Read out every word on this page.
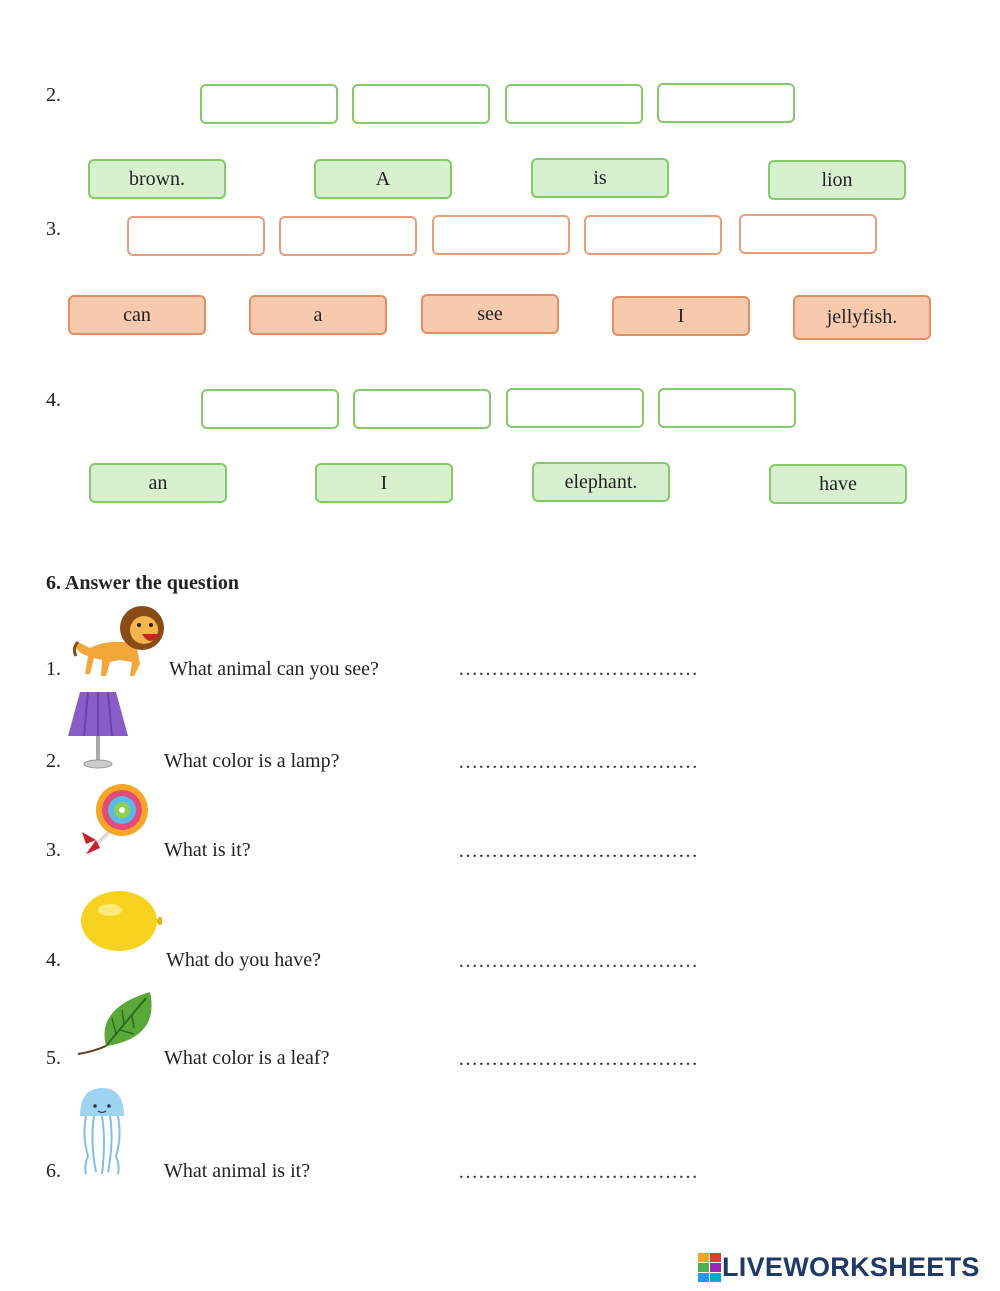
2.
brown.	A	is	lion
3.
can	a	see	I	jellyfish.
4.
an	I	elephant.	have
6. Answer the question
1.	What animal can you see?	………………………………
2.	What color is a lamp?	………………………………
3.	What is it?	………………………………
4.	What do you have?	………………………………
5.	What color is a leaf?	………………………………
6.	What animal is it?	………………………………
LIVEWORKSHEETS
